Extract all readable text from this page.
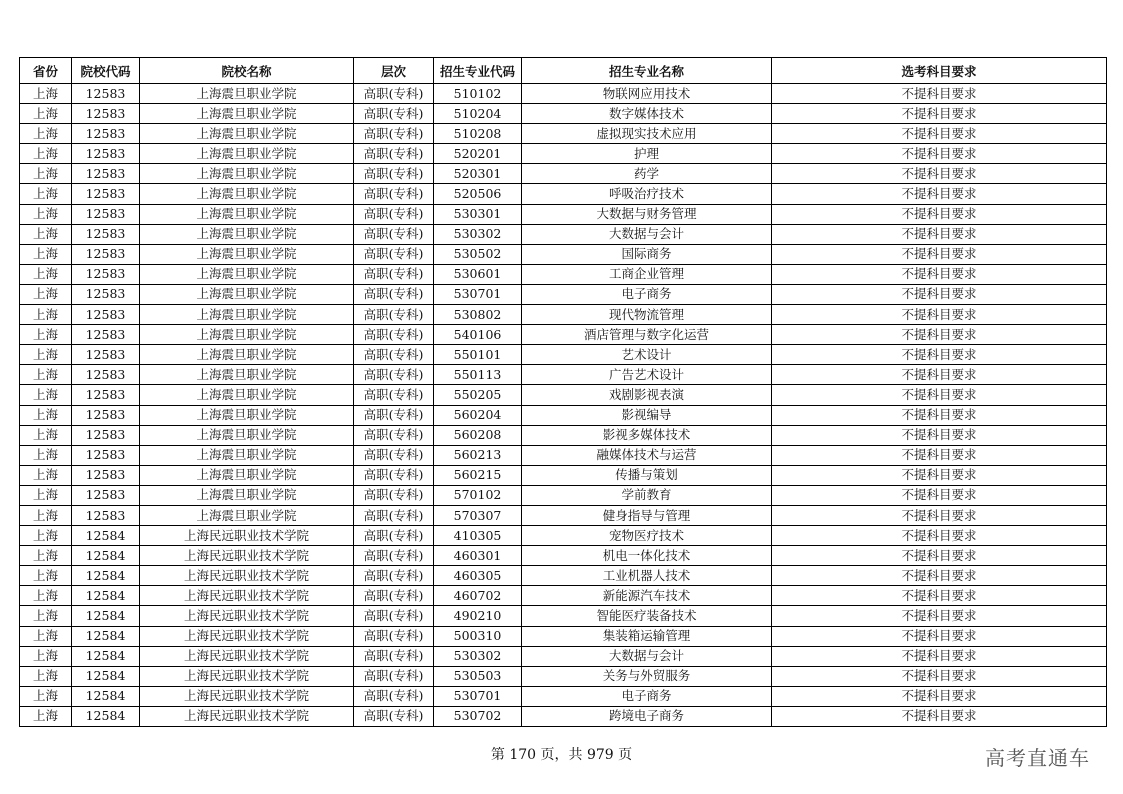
省份	院校代码	院校名称	层次	招生专业代码	招生专业名称	选考科目要求
上海	12583	上海震旦职业学院	高职(专科)	510102	物联网应用技术	不提科目要求
上海	12583	上海震旦职业学院	高职(专科)	510204	数字媒体技术	不提科目要求
上海	12583	上海震旦职业学院	高职(专科)	510208	虚拟现实技术应用	不提科目要求
上海	12583	上海震旦职业学院	高职(专科)	520201	护理	不提科目要求
上海	12583	上海震旦职业学院	高职(专科)	520301	药学	不提科目要求
上海	12583	上海震旦职业学院	高职(专科)	520506	呼吸治疗技术	不提科目要求
上海	12583	上海震旦职业学院	高职(专科)	530301	大数据与财务管理	不提科目要求
上海	12583	上海震旦职业学院	高职(专科)	530302	大数据与会计	不提科目要求
上海	12583	上海震旦职业学院	高职(专科)	530502	国际商务	不提科目要求
上海	12583	上海震旦职业学院	高职(专科)	530601	工商企业管理	不提科目要求
上海	12583	上海震旦职业学院	高职(专科)	530701	电子商务	不提科目要求
上海	12583	上海震旦职业学院	高职(专科)	530802	现代物流管理	不提科目要求
上海	12583	上海震旦职业学院	高职(专科)	540106	酒店管理与数字化运营	不提科目要求
上海	12583	上海震旦职业学院	高职(专科)	550101	艺术设计	不提科目要求
上海	12583	上海震旦职业学院	高职(专科)	550113	广告艺术设计	不提科目要求
上海	12583	上海震旦职业学院	高职(专科)	550205	戏剧影视表演	不提科目要求
上海	12583	上海震旦职业学院	高职(专科)	560204	影视编导	不提科目要求
上海	12583	上海震旦职业学院	高职(专科)	560208	影视多媒体技术	不提科目要求
上海	12583	上海震旦职业学院	高职(专科)	560213	融媒体技术与运营	不提科目要求
上海	12583	上海震旦职业学院	高职(专科)	560215	传播与策划	不提科目要求
上海	12583	上海震旦职业学院	高职(专科)	570102	学前教育	不提科目要求
上海	12583	上海震旦职业学院	高职(专科)	570307	健身指导与管理	不提科目要求
上海	12584	上海民远职业技术学院	高职(专科)	410305	宠物医疗技术	不提科目要求
上海	12584	上海民远职业技术学院	高职(专科)	460301	机电一体化技术	不提科目要求
上海	12584	上海民远职业技术学院	高职(专科)	460305	工业机器人技术	不提科目要求
上海	12584	上海民远职业技术学院	高职(专科)	460702	新能源汽车技术	不提科目要求
上海	12584	上海民远职业技术学院	高职(专科)	490210	智能医疗装备技术	不提科目要求
上海	12584	上海民远职业技术学院	高职(专科)	500310	集装箱运输管理	不提科目要求
上海	12584	上海民远职业技术学院	高职(专科)	530302	大数据与会计	不提科目要求
上海	12584	上海民远职业技术学院	高职(专科)	530503	关务与外贸服务	不提科目要求
上海	12584	上海民远职业技术学院	高职(专科)	530701	电子商务	不提科目要求
上海	12584	上海民远职业技术学院	高职(专科)	530702	跨境电子商务	不提科目要求
第 170 页，共 979 页	高考直通车
